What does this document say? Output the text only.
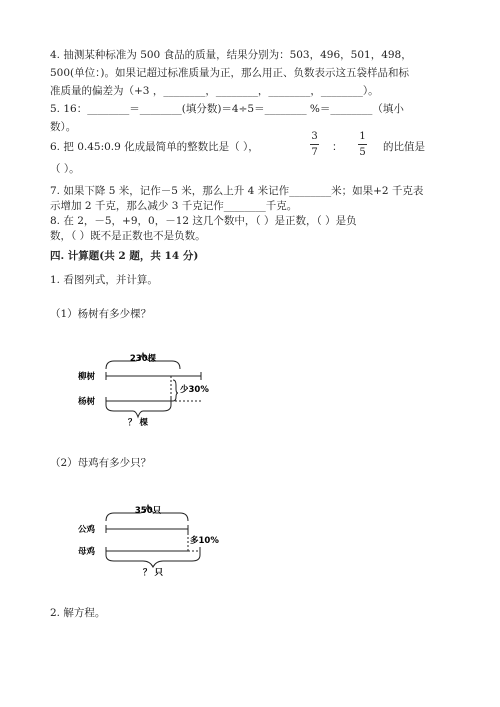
4. 抽测某种标准为 500 食品的质量，结果分别为：503，496，501，498，
500(单位：)。如果记超过标准质量为正，那么用正、负数表示这五袋样品和标
准质量的偏差为（+3 ，________，________，________，________）。
5. 16：________＝________(填分数)＝4÷5＝________ %＝________（填小
数）。
6. 把 0.45:0.9 化成最简单的整数比是（ ），
3
7 ：
1
5 的比值是
（ ）。
7. 如果下降 5 米，记作－5 米，那么上升 4 米记作________米；如果+2 千克表
示增加 2 千克，那么减少 3 千克记作________千克。
8. 在 2，－5，+9，0，－12 这几个数中，（ ）是正数，（ ）是负
数，（ ）既不是正数也不是负数。
四. 计算题(共 2 题，共 14 分)
1. 看图列式，并计算。
（1）杨树有多少棵？
230棵
柳树
杨树
少30%
？ 棵
（2）母鸡有多少只？
350只
公鸡
母鸡
多10%
？ 只
2. 解方程。
